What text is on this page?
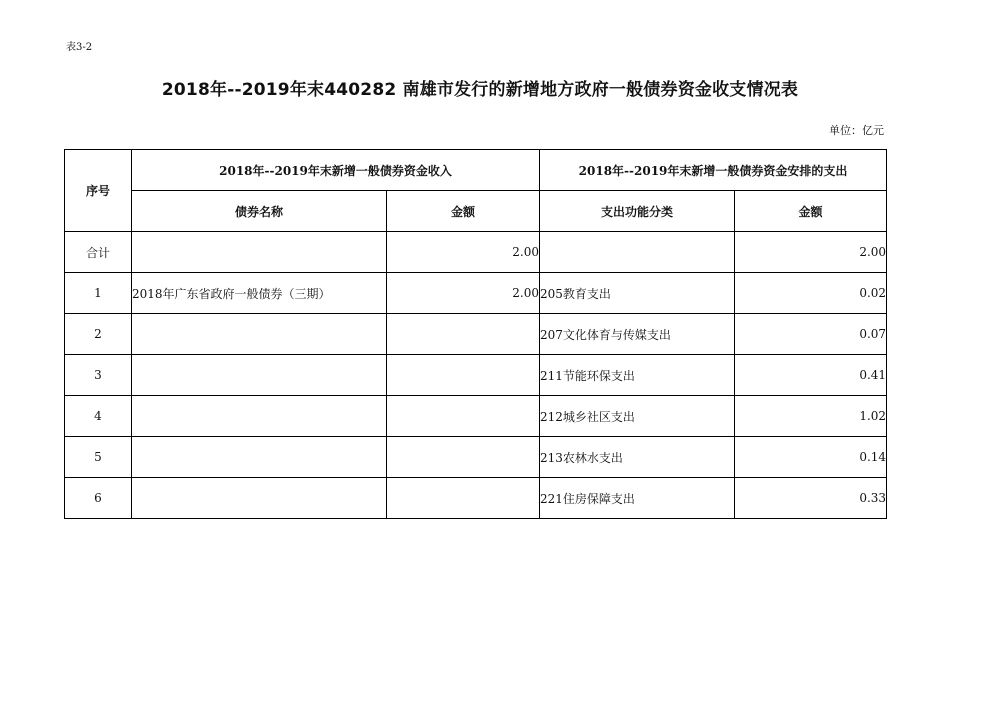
表3-2
2018年--2019年末440282 南雄市发行的新增地方政府一般债券资金收支情况表
单位：亿元
序号	2018年--2019年末新增一般债券资金收入		2018年--2019年末新增一般债券资金安排的支出	
	债券名称	金额	支出功能分类	金额
合计		2.00		2.00
1	2018年广东省政府一般债券（三期）	2.00	205教育支出	0.02
2			207文化体育与传媒支出	0.07
3			211节能环保支出	0.41
4			212城乡社区支出	1.02
5			213农林水支出	0.14
6			221住房保障支出	0.33
